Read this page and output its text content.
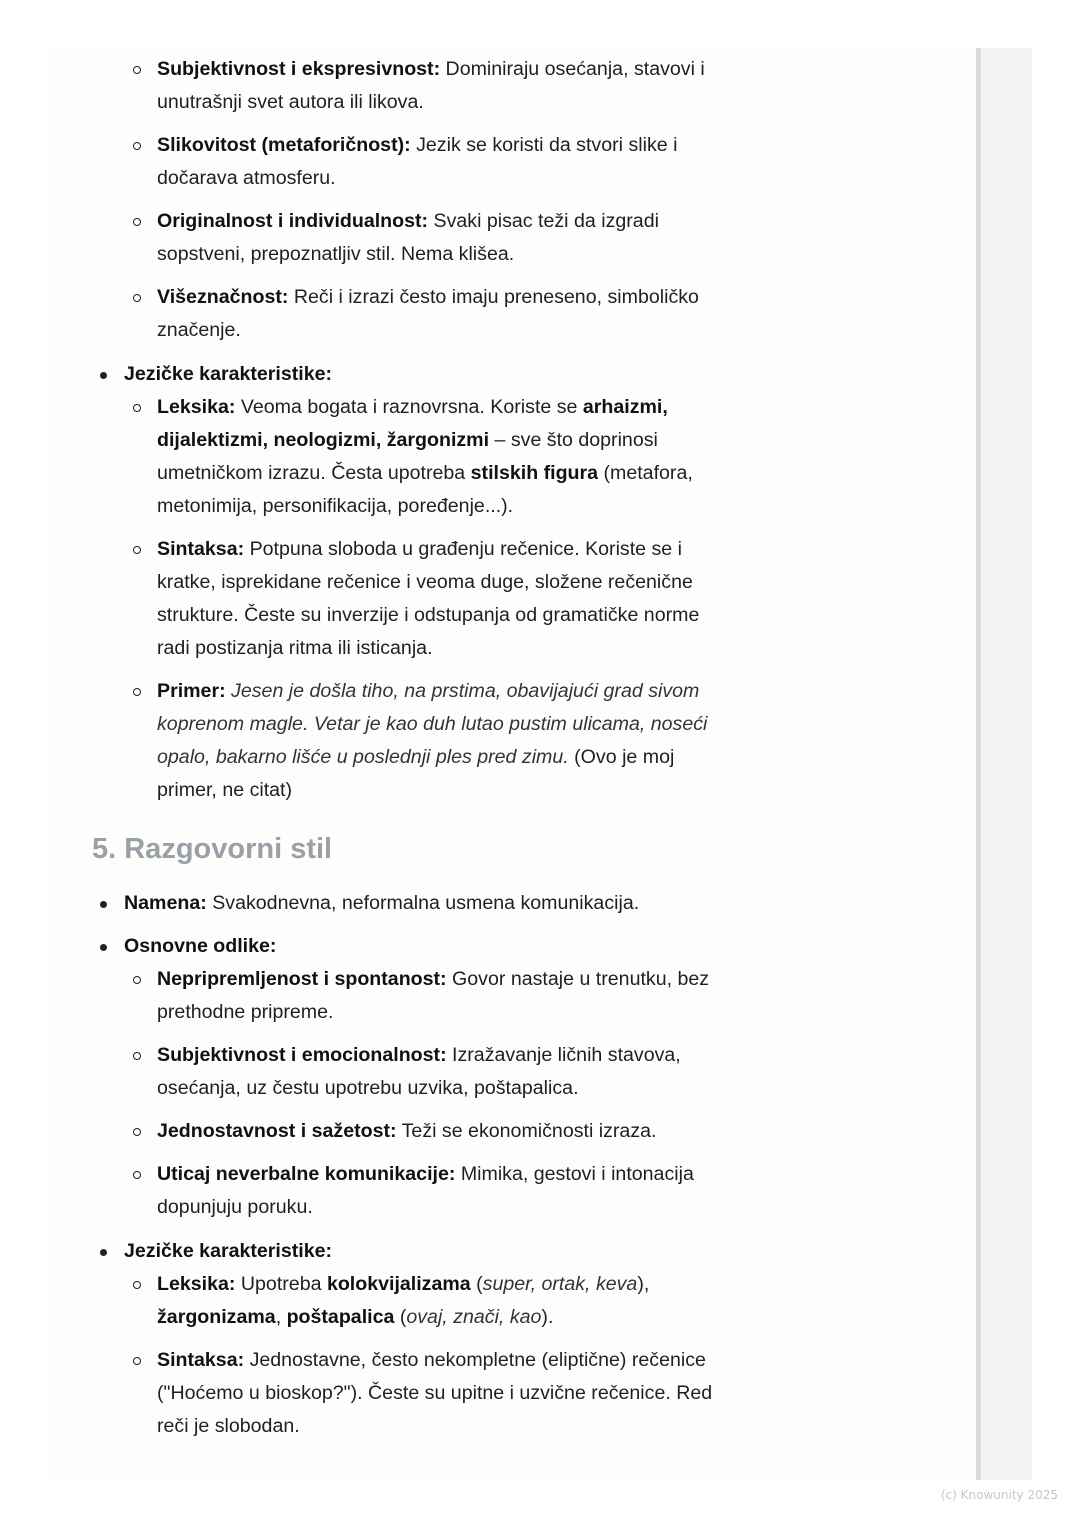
Subjektivnost i ekspresivnost: Dominiraju osećanja, stavovi i unutrašnji svet autora ili likova.
Slikovitost (metaforičnost): Jezik se koristi da stvori slike i dočarava atmosferu.
Originalnost i individualnost: Svaki pisac teži da izgradi sopstveni, prepoznatljiv stil. Nema klišea.
Višeznačnost: Reči i izrazi često imaju preneseno, simboličko značenje.
Jezičke karakteristike:
Leksika: Veoma bogata i raznovrsna. Koriste se arhaizmi, dijalektizmi, neologizmi, žargonizmi – sve što doprinosi umetničkom izrazu. Česta upotreba stilskih figura (metafora, metonimija, personifikacija, poređenje...).
Sintaksa: Potpuna sloboda u građenju rečenice. Koriste se i kratke, isprekidane rečenice i veoma duge, složene rečenične strukture. Česte su inverzije i odstupanja od gramatičke norme radi postizanja ritma ili isticanja.
Primer: Jesen je došla tiho, na prstima, obavijajući grad sivom koprenom magle. Vetar je kao duh lutao pustim ulicama, noseći opalo, bakarno lišće u poslednji ples pred zimu. (Ovo je moj primer, ne citat)
5. Razgovorni stil
Namena: Svakodnevna, neformalna usmena komunikacija.
Osnovne odlike:
Nepripremljenost i spontanost: Govor nastaje u trenutku, bez prethodne pripreme.
Subjektivnost i emocionalnost: Izražavanje ličnih stavova, osećanja, uz čestu upotrebu uzvika, poštapalica.
Jednostavnost i sažetost: Teži se ekonomičnosti izraza.
Uticaj neverbalne komunikacije: Mimika, gestovi i intonacija dopunjuju poruku.
Jezičke karakteristike:
Leksika: Upotreba kolokvijalizama (super, ortak, keva), žargonizama, poštapalica (ovaj, znači, kao).
Sintaksa: Jednostavne, često nekompletne (eliptične) rečenice ("Hoćemo u bioskop?"). Česte su upitne i uzvične rečenice. Red reči je slobodan.
(c) Knowunity 2025
